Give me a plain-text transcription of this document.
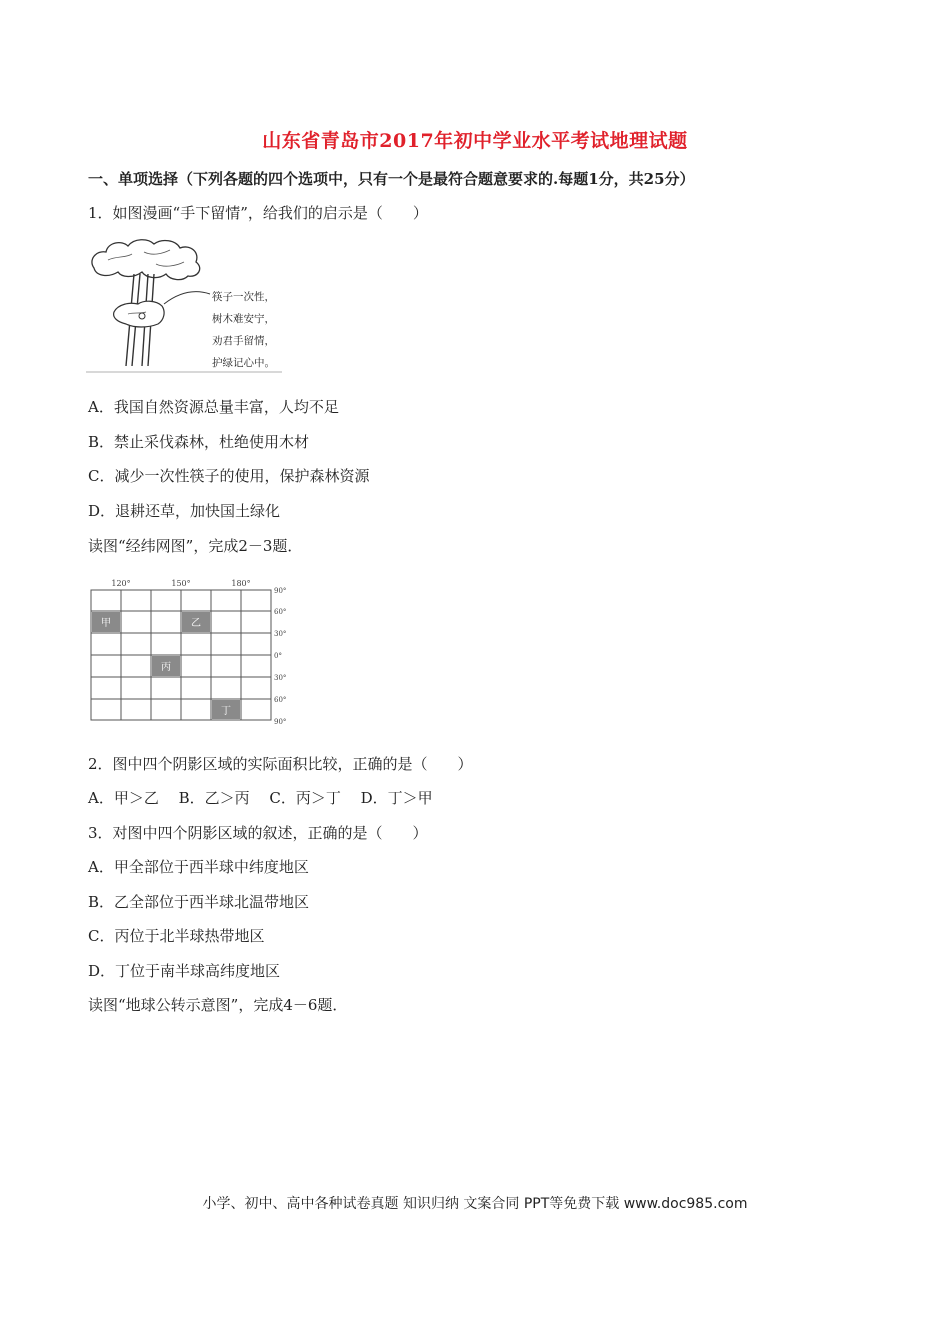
山东省青岛市2017年初中学业水平考试地理试题
一、单项选择（下列各题的四个选项中，只有一个是最符合题意要求的.每题1分，共25分）
1．如图漫画“手下留情”，给我们的启示是（　　）
筷子一次性，
树木难安宁，
劝君手留情，
护绿记心中。
A．我国自然资源总量丰富，人均不足
B．禁止采伐森林，杜绝使用木材
C．减少一次性筷子的使用，保护森林资源
D．退耕还草，加快国土绿化
读图“经纬网图”，完成2－3题．
甲	乙
丙
丁
120°	150°	180°
90°
60°
30°
0°
30°
60°
90°
2．图中四个阴影区域的实际面积比较，正确的是（　　）
A．甲＞乙　 B．乙＞丙　 C．丙＞丁　 D．丁＞甲
3．对图中四个阴影区域的叙述，正确的是（　　）
A．甲全部位于西半球中纬度地区
B．乙全部位于西半球北温带地区
C．丙位于北半球热带地区
D．丁位于南半球高纬度地区
读图“地球公转示意图”，完成4－6题．
小学、初中、高中各种试卷真题 知识归纳 文案合同 PPT等免费下载 www.doc985.com
